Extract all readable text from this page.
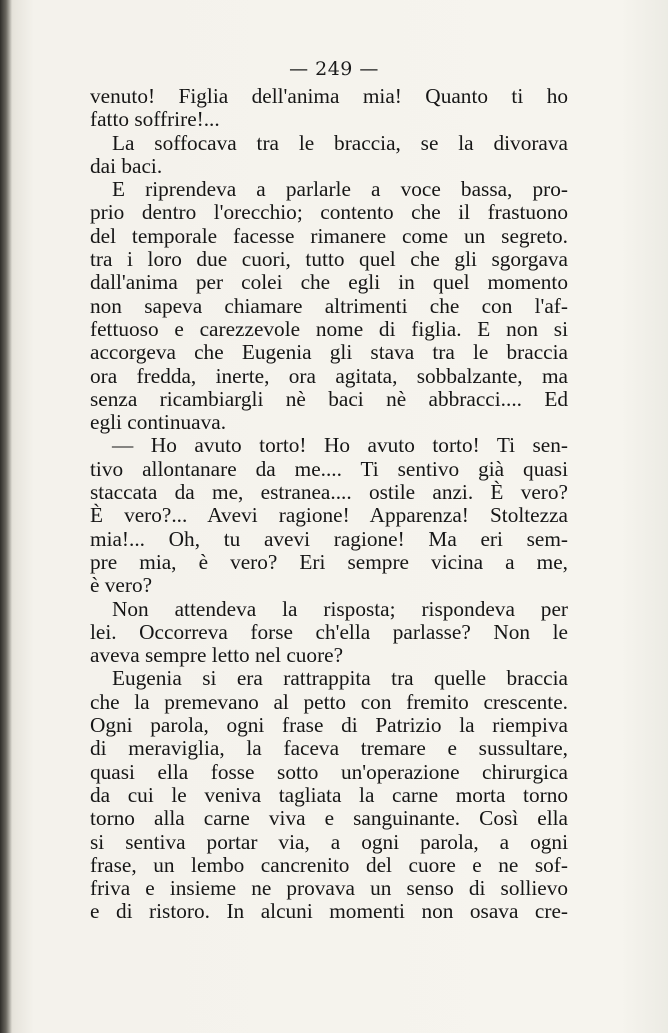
— 249 —
venuto! Figlia dell'anima mia! Quanto ti ho
fatto soffrire!...
La soffocava tra le braccia, se la divorava
dai baci.
E riprendeva a parlarle a voce bassa, pro-
prio dentro l'orecchio; contento che il frastuono
del temporale facesse rimanere come un segreto.
tra i loro due cuori, tutto quel che gli sgorgava
dall'anima per colei che egli in quel momento
non sapeva chiamare altrimenti che con l'af-
fettuoso e carezzevole nome di figlia. E non si
accorgeva che Eugenia gli stava tra le braccia
ora fredda, inerte, ora agitata, sobbalzante, ma
senza ricambiargli nè baci nè abbracci.... Ed
egli continuava.
— Ho avuto torto! Ho avuto torto! Ti sen-
tivo allontanare da me.... Ti sentivo già quasi
staccata da me, estranea.... ostile anzi. È vero?
È vero?... Avevi ragione! Apparenza! Stoltezza
mia!... Oh, tu avevi ragione! Ma eri sem-
pre mia, è vero? Eri sempre vicina a me,
è vero?
Non attendeva la risposta; rispondeva per
lei. Occorreva forse ch'ella parlasse? Non le
aveva sempre letto nel cuore?
Eugenia si era rattrappita tra quelle braccia
che la premevano al petto con fremito crescente.
Ogni parola, ogni frase di Patrizio la riempiva
di meraviglia, la faceva tremare e sussultare,
quasi ella fosse sotto un'operazione chirurgica
da cui le veniva tagliata la carne morta torno
torno alla carne viva e sanguinante. Così ella
si sentiva portar via, a ogni parola, a ogni
frase, un lembo cancrenito del cuore e ne sof-
friva e insieme ne provava un senso di sollievo
e di ristoro. In alcuni momenti non osava cre-
